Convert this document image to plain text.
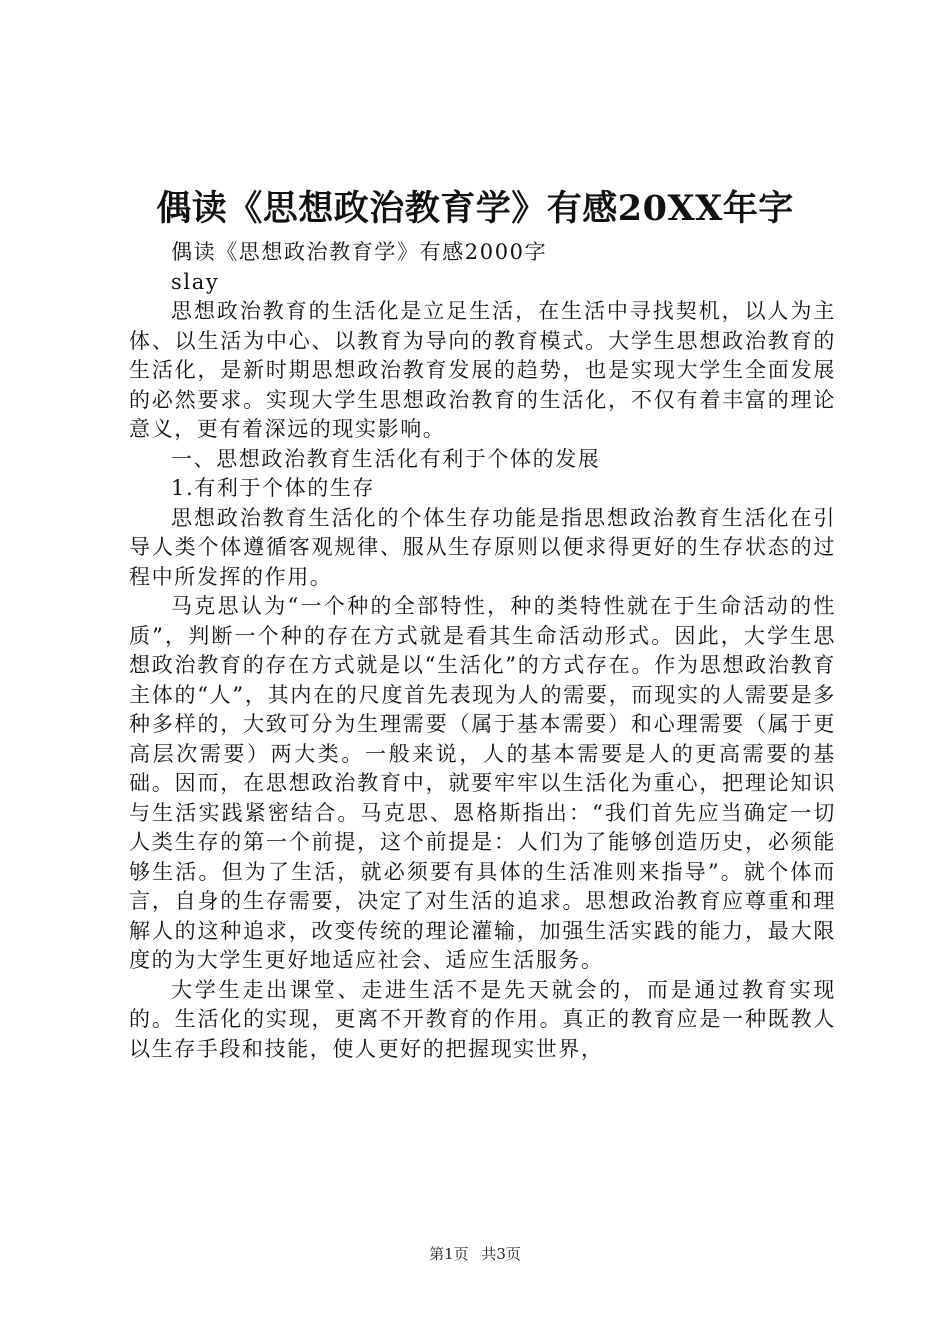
偶读《思想政治教育学》有感20XX年字

偶读《思想政治教育学》有感2000字

slay

思想政治教育的生活化是立足生活，在生活中寻找契机，以人为主体、以生活为中心、以教育为导向的教育模式。大学生思想政治教育的生活化，是新时期思想政治教育发展的趋势，也是实现大学生全面发展的必然要求。实现大学生思想政治教育的生活化，不仅有着丰富的理论意义，更有着深远的现实影响。

一、思想政治教育生活化有利于个体的发展

1.有利于个体的生存

思想政治教育生活化的个体生存功能是指思想政治教育生活化在引导人类个体遵循客观规律、服从生存原则以便求得更好的生存状态的过程中所发挥的作用。

马克思认为“一个种的全部特性，种的类特性就在于生命活动的性质”，判断一个种的存在方式就是看其生命活动形式。因此，大学生思想政治教育的存在方式就是以“生活化”的方式存在。作为思想政治教育主体的“人”，其内在的尺度首先表现为人的需要，而现实的人需要是多种多样的，大致可分为生理需要（属于基本需要）和心理需要（属于更高层次需要）两大类。一般来说，人的基本需要是人的更高需要的基础。因而，在思想政治教育中，就要牢牢以生活化为重心，把理论知识与生活实践紧密结合。马克思、恩格斯指出：“我们首先应当确定一切人类生存的第一个前提，这个前提是：人们为了能够创造历史，必须能够生活。但为了生活，就必须要有具体的生活准则来指导”。就个体而言，自身的生存需要，决定了对生活的追求。思想政治教育应尊重和理解人的这种追求，改变传统的理论灌输，加强生活实践的能力，最大限度的为大学生更好地适应社会、适应生活服务。

大学生走出课堂、走进生活不是先天就会的，而是通过教育实现的。生活化的实现，更离不开教育的作用。真正的教育应是一种既教人以生存手段和技能，使人更好的把握现实世界，

第1页 共3页
